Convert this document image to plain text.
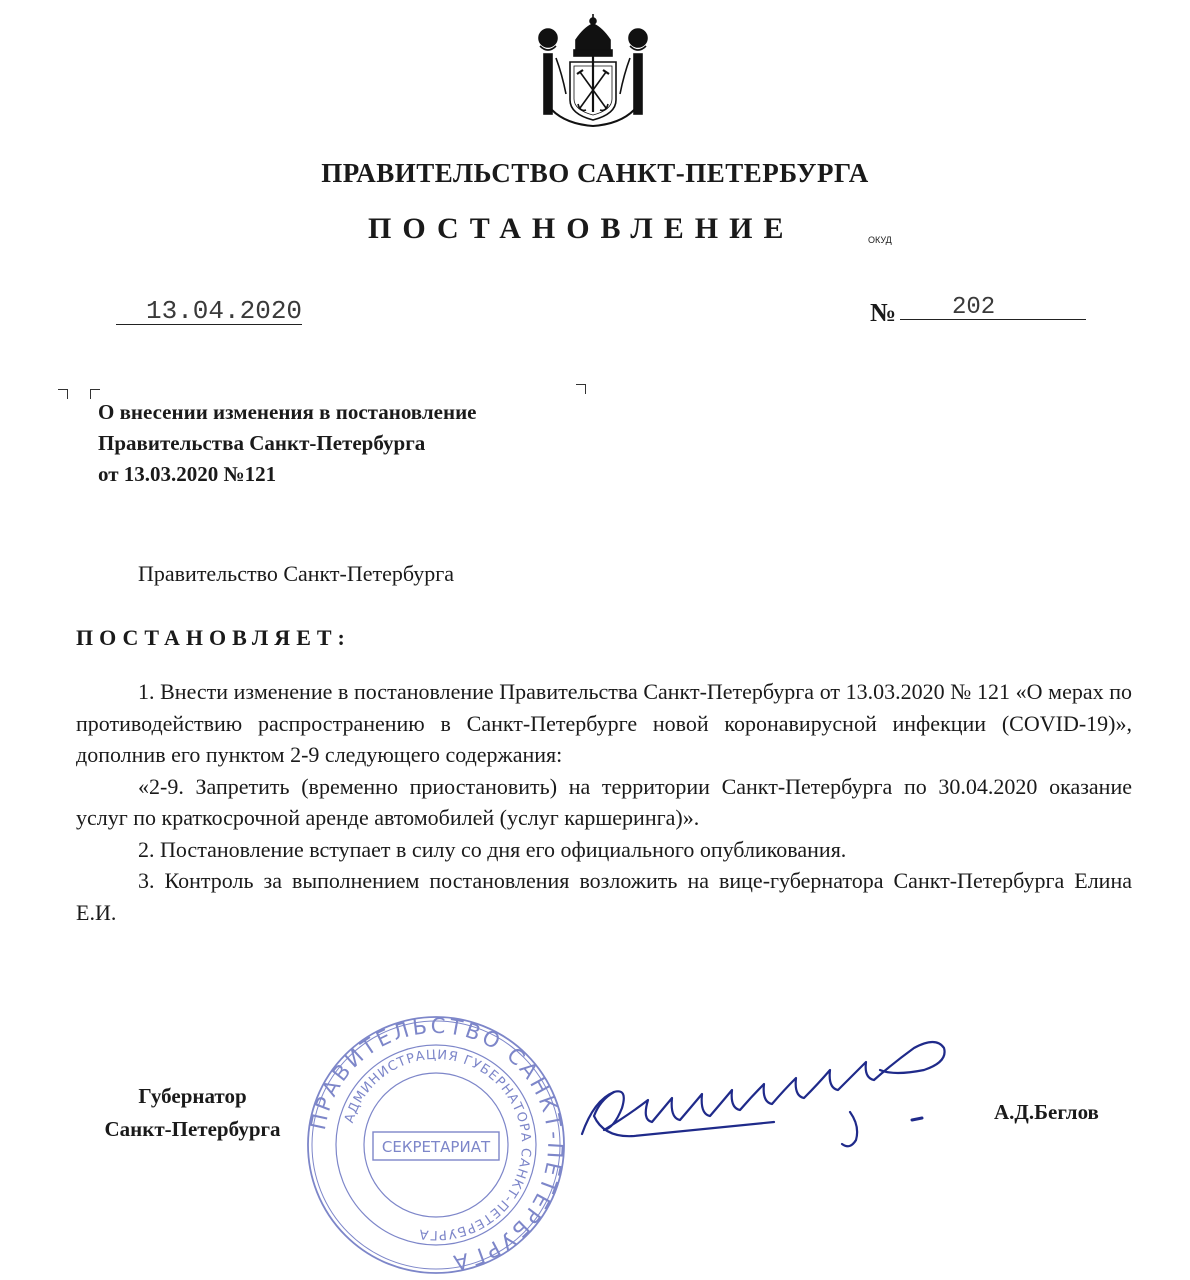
ПРАВИТЕЛЬСТВО САНКТ-ПЕТЕРБУРГА
ПОСТАНОВЛЕНИЕ	ОКУД
13.04.2020	№ 202
О внесении изменения в постановление
Правительства Санкт-Петербурга
от 13.03.2020 №121
Правительство Санкт-Петербурга
ПОСТАНОВЛЯЕТ:

1. Внести изменение в постановление Правительства Санкт-Петербурга от 13.03.2020 № 121 «О мерах по противодействию распространению в Санкт-Петербурге новой коронавирусной инфекции (COVID-19)», дополнив его пунктом 2-9 следующего содержания:

«2-9. Запретить (временно приостановить) на территории Санкт-Петербурга по 30.04.2020 оказание услуг по краткосрочной аренде автомобилей (услуг каршеринга)».

2. Постановление вступает в силу со дня его официального опубликования.

3. Контроль за выполнением постановления возложить на вице-губернатора Санкт-Петербурга Елина Е.И.

Губернатор
Санкт-Петербурга
А.Д.Беглов
ПРАВИТЕЛЬСТВО САНКТ-ПЕТЕРБУРГА
АДМИНИСТРАЦИЯ ГУБЕРНАТОРА САНКТ-ПЕТЕРБУРГА
СЕКРЕТАРИАТ
